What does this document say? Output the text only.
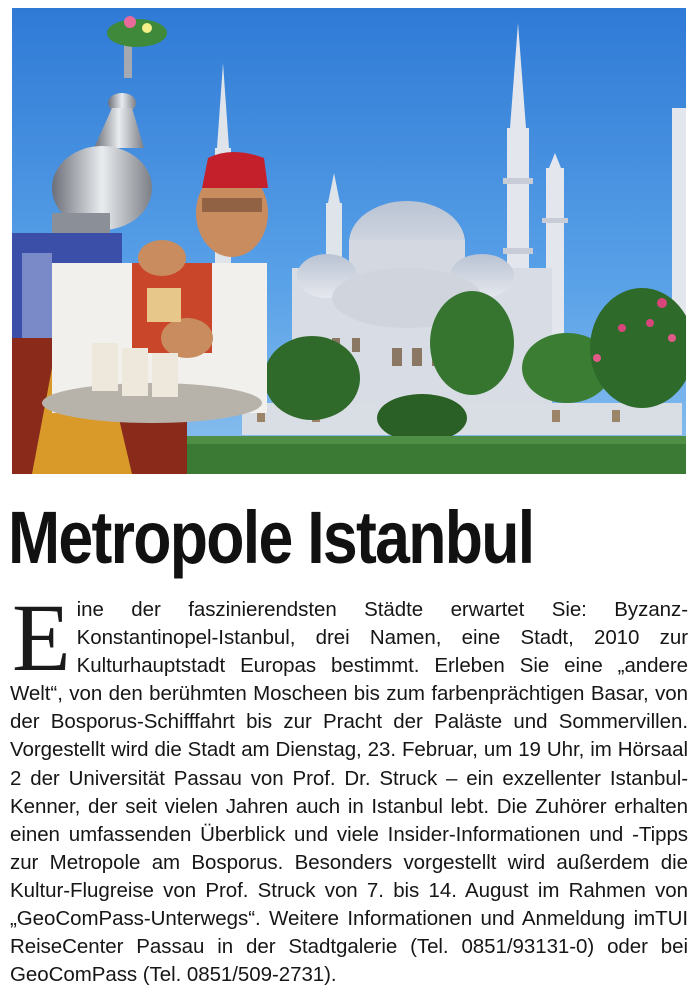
Metropole Istanbul
Eine der faszinierendsten Städte erwartet Sie: Byzanz-Konstantinopel-Istanbul, drei Namen, eine Stadt, 2010 zur Kulturhauptstadt Europas bestimmt. Erleben Sie eine „andere Welt“, von den berühmten Moscheen bis zum farbenprächtigen Basar, von der Bosporus-Schifffahrt bis zur Pracht der Paläste und Sommervillen. Vorgestellt wird die Stadt am Dienstag, 23. Februar, um 19 Uhr, im Hörsaal 2 der Universität Passau von Prof. Dr. Struck – ein exzellenter Istanbul-Kenner, der seit vielen Jahren auch in Istanbul lebt. Die Zuhörer erhalten einen umfassenden Überblick und viele Insider-Informationen und -Tipps zur Metropole am Bosporus. Besonders vorgestellt wird außerdem die Kultur-Flugreise von Prof. Struck von 7. bis 14. August im Rahmen von „GeoComPass-Unterwegs“. Weitere Informationen und Anmeldung imTUI ReiseCenter Passau in der Stadtgalerie (Tel. 0851/93131-0) oder bei GeoComPass (Tel. 0851/509-2731).
